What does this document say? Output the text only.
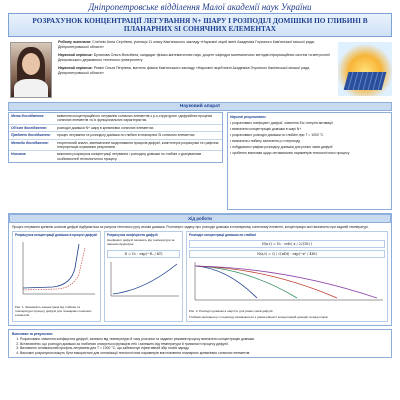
Дніпропетровське відділення Малої академії наук України
РОЗРАХУНОК КОНЦЕНТРАЦІЇ ЛЕГУВАННЯ N+ ШАРУ І РОЗПОДІЛ ДОМІШКИ ПО ГЛИБИНІ В ПЛАНАРНИХ SI СОНЯЧНИХ ЕЛЕМЕНТАХ

Роботу виконала: Сли'янік Анна Сергіївна, учениця 11 класу Кам'янського закладу «Наукової ліцей імені Академіка Гнусиного Кам'янської міської ради, Дніпропетровської області»

Науковий керівник: Буланова Ольга Віталіївна, кандидат фізико-математичних наук, доцент кафедри математичних методів інформаційних систем та метрології Дніпровського державного технічного університету

Науковий керівник: Реміні Ольга Петрівна, вчитель фізики Кам'янського закладу «Наукової ліцей імені Академіка Гнусиного Кам'янської міської ради, Дніпропетровської області»

Науковий апарат
Мета дослідження:	вивчення концентраційного легування сонячних елементів з p-n-структурою і дифузійних процесів сонячних елементів та їх функціональних характеристик.
Об'єкт дослідження:	розподіл домішки N+ шару в кремнієвих сонячних елементах.
Предмет дослідження:	процес легування та розподілу домішки по глибині в планарних Si сонячних елементах.
Методи дослідження:	теоретичний аналіз, математичне моделювання процесів дифузії, комп'ютерні розрахунки та графічна інтерпретація отриманих результатів.
Новизна:	виконано розрахунок концентрації легування і розподілу домішки по глибині з урахуванням особливостей технологічного процесу.
Наукові результати:
• розраховано коефіцієнт дифузії, значення Ea і енергія активації
• визначено концентрацію домішки в шарі N+
• розраховано розподіл домішки по глибині при T = 1000 °C
• визначено глибину залягання p-n переходу
• побудовано графіки розподілу домішки для різних часів дифузії
• зроблено висновки щодо оптимальних параметрів технологічного процесу
Хід роботи
Процес легування кремнію шляхом дифузії відбувається за рахунок теплового руху атомів домішки. Розглянуто задачу про розподіл домішки в планарному сонячному елементі, концентрацію якої визначено при заданій температурі.
Розрахунок концентрації домішки в процесі дифузії
Рис. 1. Залежність концентрації від глибини та температури процесу дифузії для планарних сонячних елементів.
Розрахунок коефіцієнта дифузії
Коефіцієнт дифузії залежить від температури за законом Арреніуса:
D = D₀ · exp(−Eₐ / kT)
Розподіл концентрації домішки по глибині
N(x,t) = N₀ · erfc( x / 2√(Dt) )
N(x,t) = Q / √(πDt) · exp(−x² / 4Dt)
Рис. 2. Розподіл домішки в шарі N+ для різних часів дифузії.
Глибина залягання p-n переходу визначається з умови рівності концентрацій донорів та акцепторів.
Висновки та результати
1. Розраховано значення коефіцієнта дифузії, залежно від температури й часу розгонки та заданих режимів процесу визначено концентрацію домішки.
2. Встановлено, що розподіл домішки за глибиною описується функцією erfc і залежить від температури й тривалості процесу дифузії.
3. Визначено оптимальний профіль легування для T = 1000 °C, що забезпечує ефективний збір носіїв заряду.
4. Виконані розрахунки можуть бути використані для оптимізації технологічних параметрів виготовлення планарних кремнієвих сонячних елементів.
